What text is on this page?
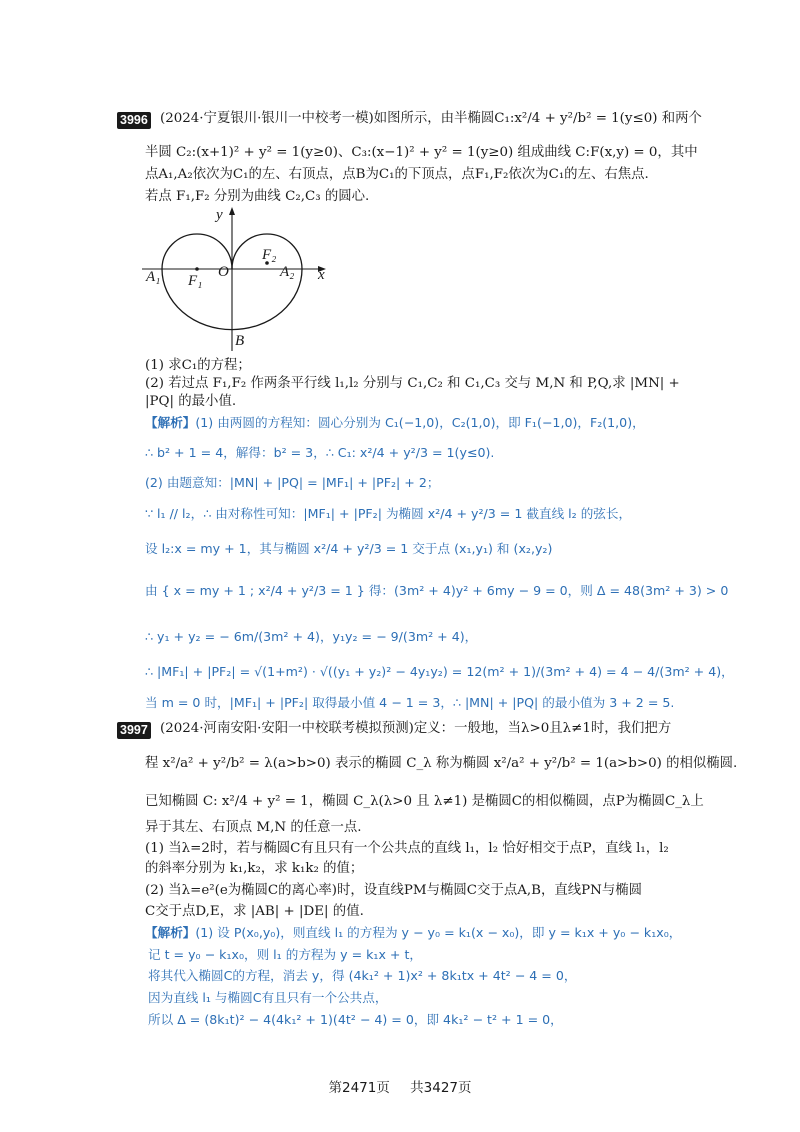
3996 (2024·宁夏银川·银川一中校考一模)如图所示，由半椭圆C₁:x²/4 + y²/b² = 1(y≤0) 和两个
半圆 C₂:(x+1)² + y² = 1(y≥0)、C₃:(x−1)² + y² = 1(y≥0) 组成曲线 C:F(x,y) = 0，其中
点A₁,A₂依次为C₁的左、右顶点，点B为C₁的下顶点，点F₁,F₂依次为C₁的左、右焦点.
若点 F₁,F₂ 分别为曲线 C₂,C₃ 的圆心.
y
x
O
A₁	A₂
F₁
F₂
B
(1) 求C₁的方程；
(2) 若过点 F₁,F₂ 作两条平行线 l₁,l₂ 分别与 C₁,C₂ 和 C₁,C₃ 交与 M,N 和 P,Q,求 |MN| +
|PQ| 的最小值.
【解析】(1) 由两圆的方程知：圆心分别为 C₁(−1,0)，C₂(1,0)，即 F₁(−1,0)，F₂(1,0)，
∴ b² + 1 = 4，解得：b² = 3，∴ C₁: x²/4 + y²/3 = 1(y≤0).
(2) 由题意知：|MN| + |PQ| = |MF₁| + |PF₂| + 2；
∵ l₁ // l₂，∴ 由对称性可知：|MF₁| + |PF₂| 为椭圆 x²/4 + y²/3 = 1 截直线 l₂ 的弦长，
设 l₂:x = my + 1，其与椭圆 x²/4 + y²/3 = 1 交于点 (x₁,y₁) 和 (x₂,y₂)
由 { x = my + 1 ; x²/4 + y²/3 = 1 } 得：(3m² + 4)y² + 6my − 9 = 0，则 Δ = 48(3m² + 3) > 0
∴ y₁ + y₂ = − 6m/(3m² + 4)，y₁y₂ = − 9/(3m² + 4)，
∴ |MF₁| + |PF₂| = √(1+m²) · √((y₁ + y₂)² − 4y₁y₂) = 12(m² + 1)/(3m² + 4) = 4 − 4/(3m² + 4)，
当 m = 0 时，|MF₁| + |PF₂| 取得最小值 4 − 1 = 3，∴ |MN| + |PQ| 的最小值为 3 + 2 = 5.
3997 (2024·河南安阳·安阳一中校联考模拟预测)定义：一般地，当λ>0且λ≠1时，我们把方
程 x²/a² + y²/b² = λ(a>b>0) 表示的椭圆 C_λ 称为椭圆 x²/a² + y²/b² = 1(a>b>0) 的相似椭圆.
已知椭圆 C: x²/4 + y² = 1，椭圆 C_λ(λ>0 且 λ≠1) 是椭圆C的相似椭圆，点P为椭圆C_λ上
异于其左、右顶点 M,N 的任意一点.
(1) 当λ=2时，若与椭圆C有且只有一个公共点的直线 l₁，l₂ 恰好相交于点P，直线 l₁，l₂
的斜率分别为 k₁,k₂，求 k₁k₂ 的值；
(2) 当λ=e²(e为椭圆C的离心率)时，设直线PM与椭圆C交于点A,B，直线PN与椭圆
C交于点D,E，求 |AB| + |DE| 的值.
【解析】(1) 设 P(x₀,y₀)，则直线 l₁ 的方程为 y − y₀ = k₁(x − x₀)，即 y = k₁x + y₀ − k₁x₀，
记 t = y₀ − k₁x₀，则 l₁ 的方程为 y = k₁x + t，
将其代入椭圆C的方程，消去 y，得 (4k₁² + 1)x² + 8k₁tx + 4t² − 4 = 0，
因为直线 l₁ 与椭圆C有且只有一个公共点，
所以 Δ = (8k₁t)² − 4(4k₁² + 1)(4t² − 4) = 0，即 4k₁² − t² + 1 = 0，
第2471页 共3427页
